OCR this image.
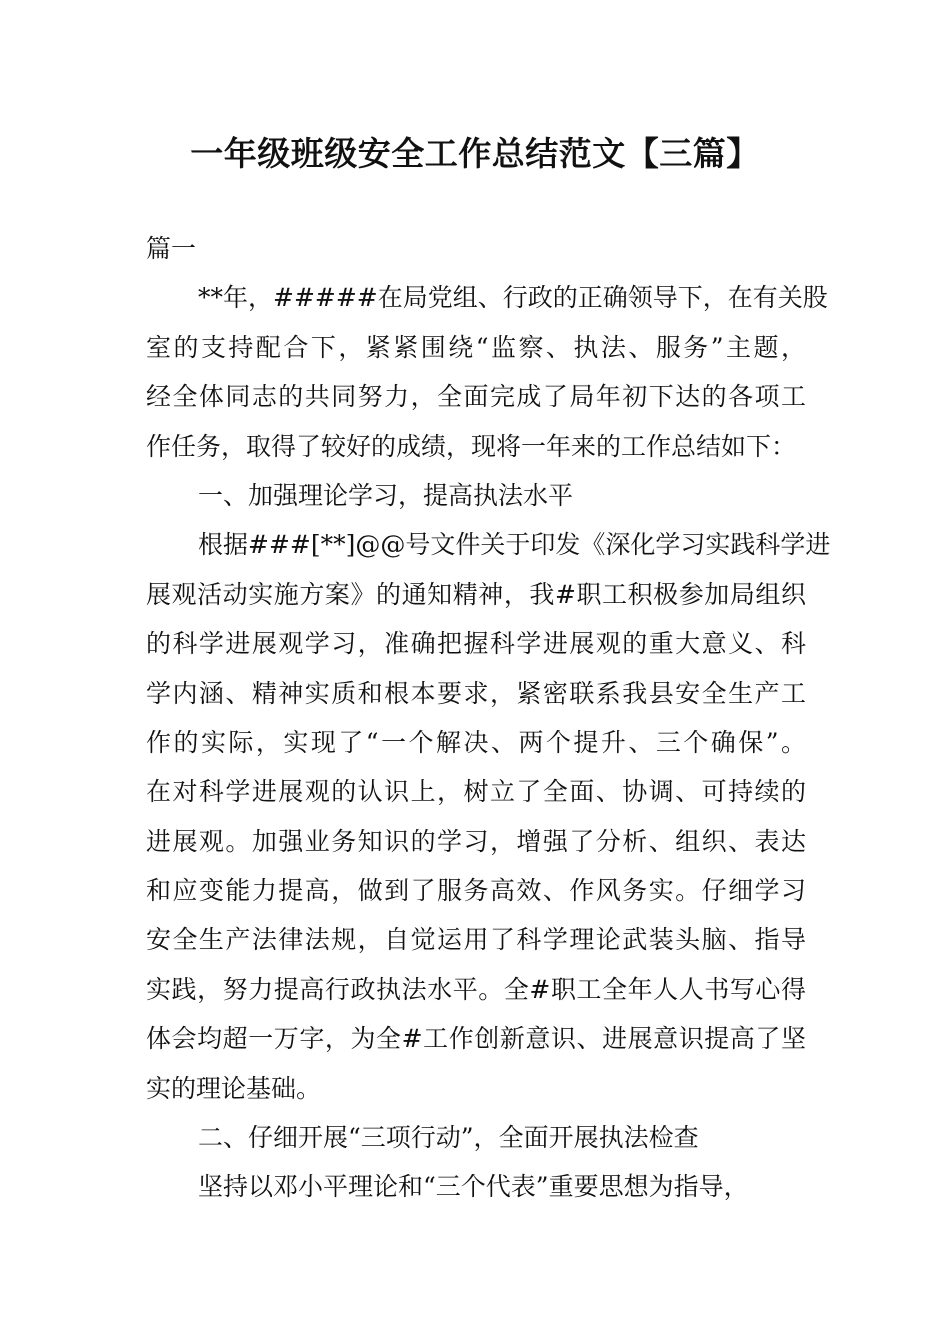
一年级班级安全工作总结范文【三篇】
篇一
**年，#####在局党组、行政的正确领导下，在有关股
室的支持配合下，紧紧围绕“监察、执法、服务”主题，
经全体同志的共同努力，全面完成了局年初下达的各项工
作任务，取得了较好的成绩，现将一年来的工作总结如下：
一、加强理论学习，提高执法水平
根据###[**]@@号文件关于印发《深化学习实践科学进
展观活动实施方案》的通知精神，我#职工积极参加局组织
的科学进展观学习，准确把握科学进展观的重大意义、科
学内涵、精神实质和根本要求，紧密联系我县安全生产工
作的实际，实现了“一个解决、两个提升、三个确保”。
在对科学进展观的认识上，树立了全面、协调、可持续的
进展观。加强业务知识的学习，增强了分析、组织、表达
和应变能力提高，做到了服务高效、作风务实。仔细学习
安全生产法律法规，自觉运用了科学理论武装头脑、指导
实践，努力提高行政执法水平。全#职工全年人人书写心得
体会均超一万字，为全#工作创新意识、进展意识提高了坚
实的理论基础。
二、仔细开展“三项行动”，全面开展执法检查
坚持以邓小平理论和“三个代表”重要思想为指导，
